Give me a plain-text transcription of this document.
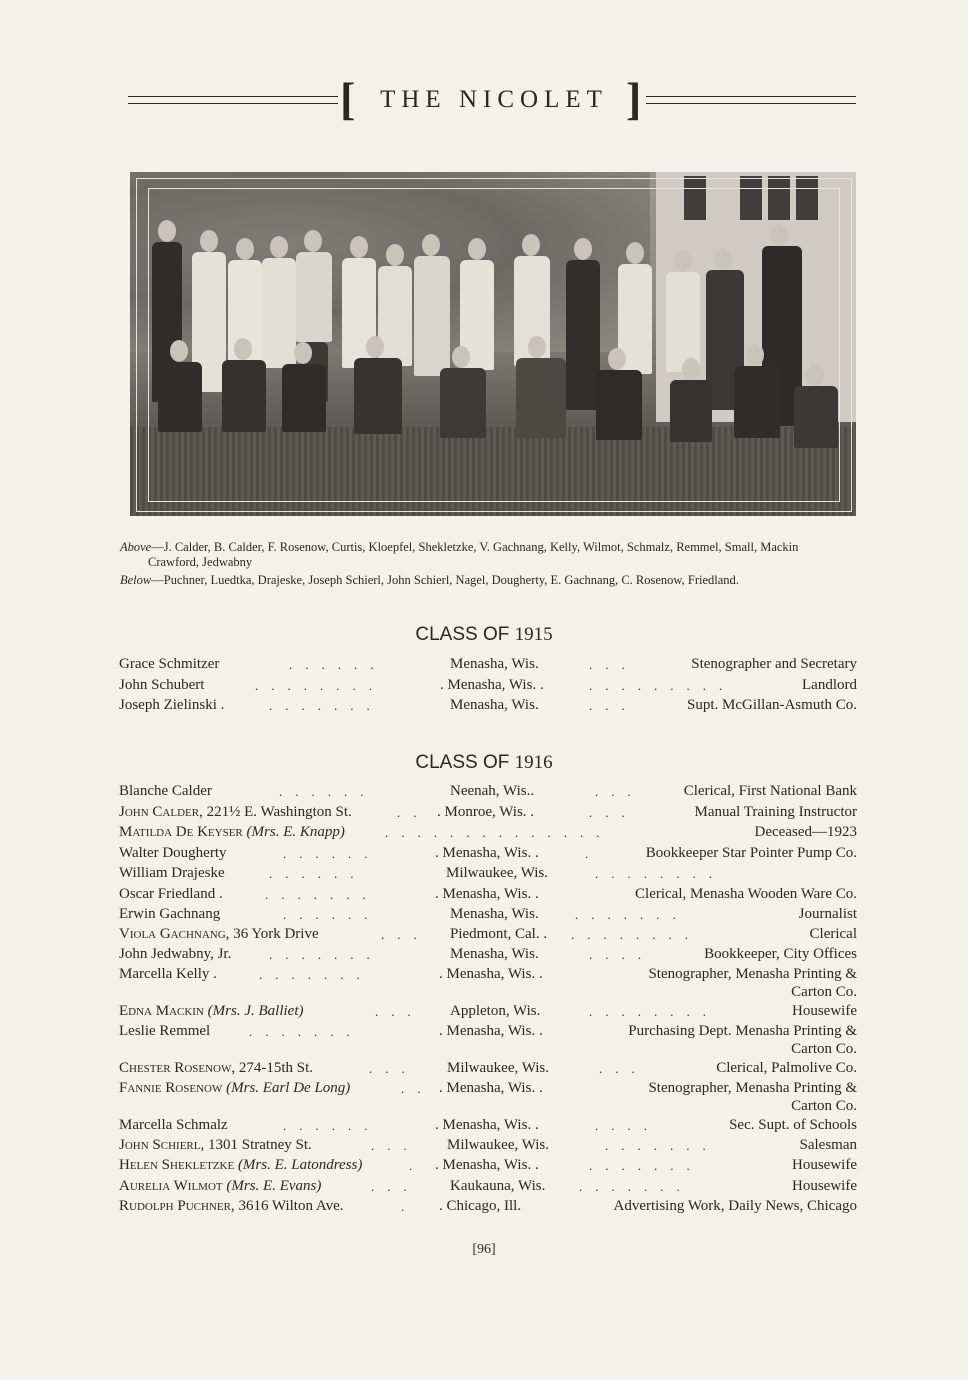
[ THE NICOLET ]
Above—J. Calder, B. Calder, F. Rosenow, Curtis, Kloepfel, Shekletzke, V. Gachnang, Kelly, Wilmot, Schmalz, Remmel, Small, Mackin
Crawford, Jedwabny
Below—Puchner, Luedtka, Drajeske, Joseph Schierl, John Schierl, Nagel, Dougherty, E. Gachnang, C. Rosenow, Friedland.
CLASS OF 1915
Grace Schmitzer	......	Menasha, Wis.	...	Stenographer and Secretary
John Schubert	........	. Menasha, Wis. .	.........	Landlord
Joseph Zielinski .	.......	Menasha, Wis.	...	Supt. McGillan-Asmuth Co.
CLASS OF 1916
Blanche Calder	......	Neenah, Wis..	...	Clerical, First National Bank
John Calder, 221½ E. Washington St.	.. . Monroe, Wis. .	...	Manual Training Instructor
Matilda De Keyser (Mrs. E. Knapp)	..............	Deceased—1923
Walter Dougherty	......	. Menasha, Wis. .	.	Bookkeeper Star Pointer Pump Co.
William Drajeske	......	Milwaukee, Wis.	........
Oscar Friedland .	.......	. Menasha, Wis. .	Clerical, Menasha Wooden Ware Co.
Erwin Gachnang	......	Menasha, Wis.	.......	Journalist
Viola Gachnang, 36 York Drive	...	Piedmont, Cal. . ........	Clerical
John Jedwabny, Jr.	.......	Menasha, Wis.	....	Bookkeeper, City Offices
Marcella Kelly .	.......	. Menasha, Wis. .	Stenographer, Menasha Printing &
Carton Co.
Edna Mackin (Mrs. J. Balliet)	...	Appleton, Wis.	........	Housewife
Leslie Remmel	.......	. Menasha, Wis. .	Purchasing Dept. Menasha Printing &
Carton Co.
Chester Rosenow, 274-15th St.	...	Milwaukee, Wis.	...	Clerical, Palmolive Co.
Fannie Rosenow (Mrs. Earl De Long)	.. . Menasha, Wis. .	Stenographer, Menasha Printing &
Carton Co.
Marcella Schmalz	......	. Menasha, Wis. .	....	Sec. Supt. of Schools
John Schierl, 1301 Stratney St.	...	Milwaukee, Wis.	.......	Salesman
Helen Shekletzke (Mrs. E. Latondress)	. . Menasha, Wis. .	.......	Housewife
Aurelia Wilmot (Mrs. E. Evans)	...	Kaukauna, Wis.	.......	Housewife
Rudolph Puchner, 3616 Wilton Ave.	.	. Chicago, Ill.	Advertising Work, Daily News, Chicago
[96]
